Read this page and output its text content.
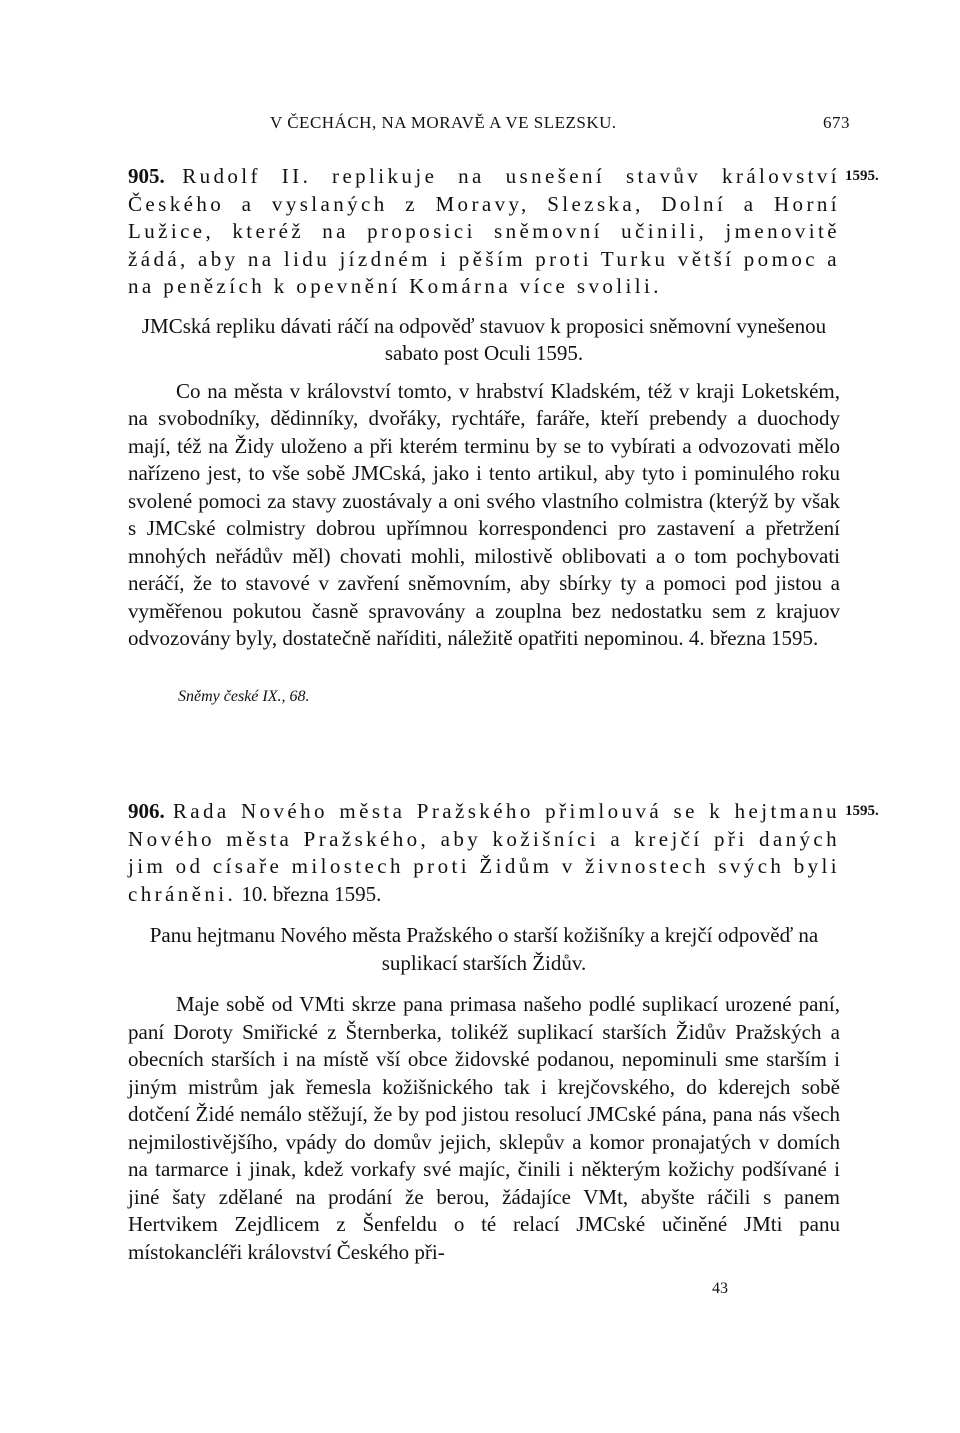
V ČECHÁCH, NA MORAVĚ A VE SLEZSKU.	673
1595.
905. Rudolf II. replikuje na usnešení stavův království Českého a vyslaných z Moravy, Slezska, Dolní a Horní Lužice, kteréž na proposici sněmovní učinili, jmenovitě žádá, aby na lidu jízdném i pěším proti Turku větší pomoc a na penězích k opevnění Komárna více svolili.
JMCská repliku dávati ráčí na odpověď stavuov k proposici sněmovní vynešenou sabato post Oculi 1595.

Co na města v království tomto, v hrabství Kladském, též v kraji Loketském, na svobodníky, dědinníky, dvořáky, rychtáře, faráře, kteří prebendy a duochody mají, též na Židy uloženo a při kterém terminu by se to vybírati a odvozovati mělo nařízeno jest, to vše sobě JMCská, jako i tento artikul, aby tyto i pominulého roku svolené pomoci za stavy zuostávaly a oni svého vlastního colmistra (kterýž by však s JMCské colmistry dobrou upřímnou korrespondenci pro zastavení a přetržení mnohých neřádův měl) chovati mohli, milostivě oblibovati a o tom pochybovati neráčí, že to stavové v zavření sněmovním, aby sbírky ty a pomoci pod jistou a vyměřenou pokutou časně spravovány a zouplna bez nedostatku sem z krajuov odvozovány byly, dostatečně naříditi, náležitě opatřiti nepominou. 4. března 1595.

Sněmy české IX., 68.
1595.
906. Rada Nového města Pražského přimlouvá se k hejtmanu Nového města Pražského, aby kožišníci a krejčí při daných jim od císaře milostech proti Židům v živnostech svých byli chráněni. 10. března 1595.
Panu hejtmanu Nového města Pražského o starší kožišníky a krejčí odpověď na suplikací starších Židův.

Maje sobě od VMti skrze pana primasa našeho podlé suplikací urozené paní, paní Doroty Smiřické z Šternberka, tolikéž suplikací starších Židův Pražských a obecních starších i na místě vší obce židovské podanou, nepominuli sme starším i jiným mistrům jak řemesla kožišnického tak i krejčovského, do kderejch sobě dotčení Židé nemálo stěžují, že by pod jistou resolucí JMCské pána, pana nás všech nejmilostivějšího, vpády do domův jejich, sklepův a komor pronajatých v domích na tarmarce i jinak, kdež vorkafy své majíc, činili i některým kožichy podšívané i jiné šaty zdělané na prodání že berou, žádajíce VMt, abyšte ráčili s panem Hertvikem Zejdlicem z Šenfeldu o té relací JMCské učiněné JMti panu místokancléři království Českého při-

43
